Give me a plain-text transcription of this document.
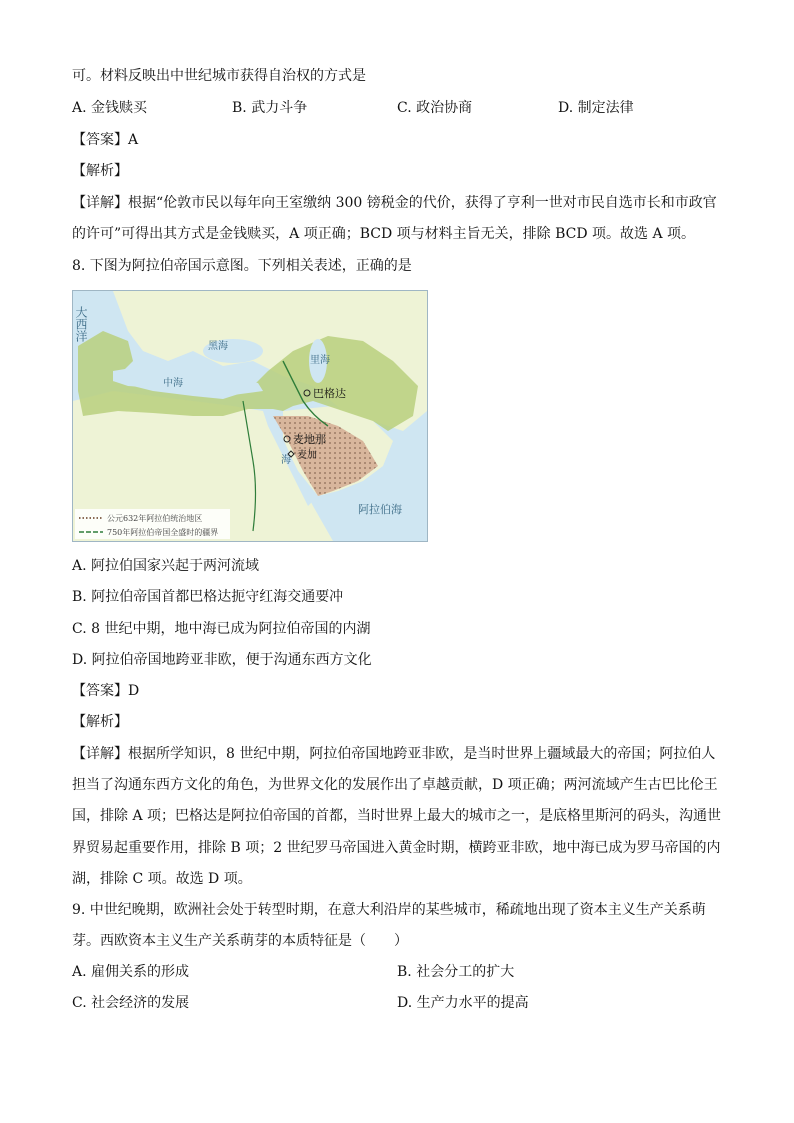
可。材料反映出中世纪城市获得自治权的方式是
A. 金钱赎买	B. 武力斗争	C. 政治协商	D. 制定法律
【答案】A
【解析】
【详解】根据“伦敦市民以每年向王室缴纳 300 镑税金的代价，获得了亨利一世对市民自选市长和市政官
的许可”可得出其方式是金钱赎买，A 项正确；BCD 项与材料主旨无关，排除 BCD 项。故选 A 项。
8. 下图为阿拉伯帝国示意图。下列相关表述，正确的是
大西洋
黑海
里海
中海
海
阿拉伯海
巴格达
麦地那
麦加
公元632年阿拉伯统治地区
750年阿拉伯帝国全盛时的疆界
A. 阿拉伯国家兴起于两河流域
B. 阿拉伯帝国首都巴格达扼守红海交通要冲
C. 8 世纪中期，地中海已成为阿拉伯帝国的内湖
D. 阿拉伯帝国地跨亚非欧，便于沟通东西方文化
【答案】D
【解析】
【详解】根据所学知识，8 世纪中期，阿拉伯帝国地跨亚非欧，是当时世界上疆域最大的帝国；阿拉伯人
担当了沟通东西方文化的角色，为世界文化的发展作出了卓越贡献，D 项正确；两河流域产生古巴比伦王
国，排除 A 项；巴格达是阿拉伯帝国的首都，当时世界上最大的城市之一，是底格里斯河的码头，沟通世
界贸易起重要作用，排除 B 项；2 世纪罗马帝国进入黄金时期，横跨亚非欧，地中海已成为罗马帝国的内
湖，排除 C 项。故选 D 项。
9. 中世纪晚期，欧洲社会处于转型时期，在意大利沿岸的某些城市，稀疏地出现了资本主义生产关系萌
芽。西欧资本主义生产关系萌芽的本质特征是（　　）
A. 雇佣关系的形成	B. 社会分工的扩大
C. 社会经济的发展	D. 生产力水平的提高
